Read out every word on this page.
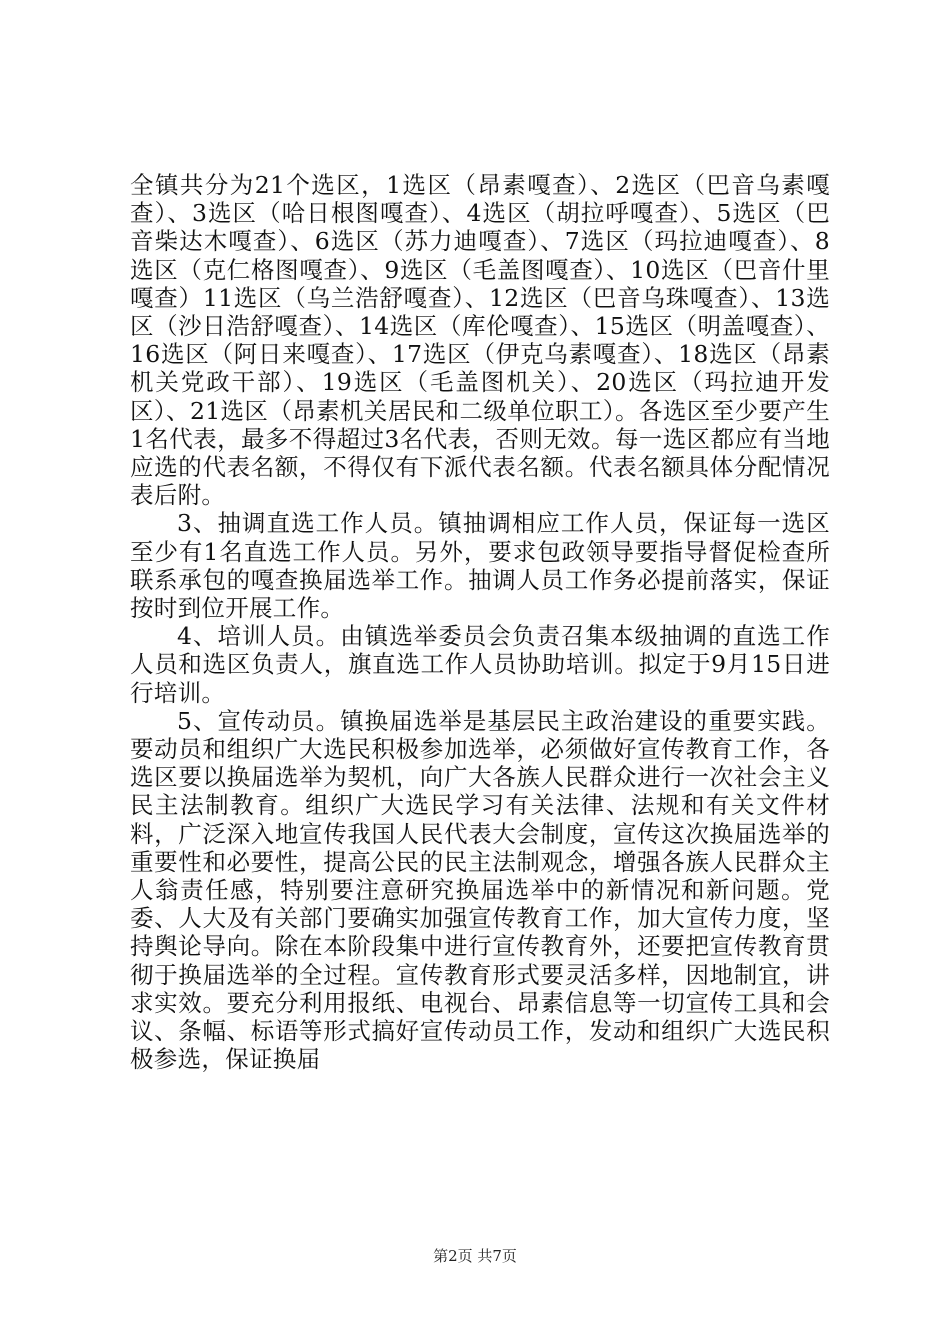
全镇共分为21个选区，1选区（昂素嘎查）、2选区（巴音乌素嘎查）、3选区（哈日根图嘎查）、4选区（胡拉呼嘎查）、5选区（巴音柴达木嘎查）、6选区（苏力迪嘎查）、7选区（玛拉迪嘎查）、8选区（克仁格图嘎查）、9选区（毛盖图嘎查）、10选区（巴音什里嘎查）11选区（乌兰浩舒嘎查）、12选区（巴音乌珠嘎查）、13选区（沙日浩舒嘎查）、14选区（库伦嘎查）、15选区（明盖嘎查）、16选区（阿日来嘎查）、17选区（伊克乌素嘎查）、18选区（昂素机关党政干部）、19选区（毛盖图机关）、20选区（玛拉迪开发区）、21选区（昂素机关居民和二级单位职工）。各选区至少要产生1名代表，最多不得超过3名代表，否则无效。每一选区都应有当地应选的代表名额，不得仅有下派代表名额。代表名额具体分配情况表后附。

3、抽调直选工作人员。镇抽调相应工作人员，保证每一选区至少有1名直选工作人员。另外，要求包政领导要指导督促检查所联系承包的嘎查换届选举工作。抽调人员工作务必提前落实，保证按时到位开展工作。

4、培训人员。由镇选举委员会负责召集本级抽调的直选工作人员和选区负责人，旗直选工作人员协助培训。拟定于9月15日进行培训。

5、宣传动员。镇换届选举是基层民主政治建设的重要实践。要动员和组织广大选民积极参加选举，必须做好宣传教育工作，各选区要以换届选举为契机，向广大各族人民群众进行一次社会主义民主法制教育。组织广大选民学习有关法律、法规和有关文件材料，广泛深入地宣传我国人民代表大会制度，宣传这次换届选举的重要性和必要性，提高公民的民主法制观念，增强各族人民群众主人翁责任感，特别要注意研究换届选举中的新情况和新问题。党委、人大及有关部门要确实加强宣传教育工作，加大宣传力度，坚持舆论导向。除在本阶段集中进行宣传教育外，还要把宣传教育贯彻于换届选举的全过程。宣传教育形式要灵活多样，因地制宜，讲求实效。要充分利用报纸、电视台、昂素信息等一切宣传工具和会议、条幅、标语等形式搞好宣传动员工作，发动和组织广大选民积极参选，保证换届

第2页 共7页
